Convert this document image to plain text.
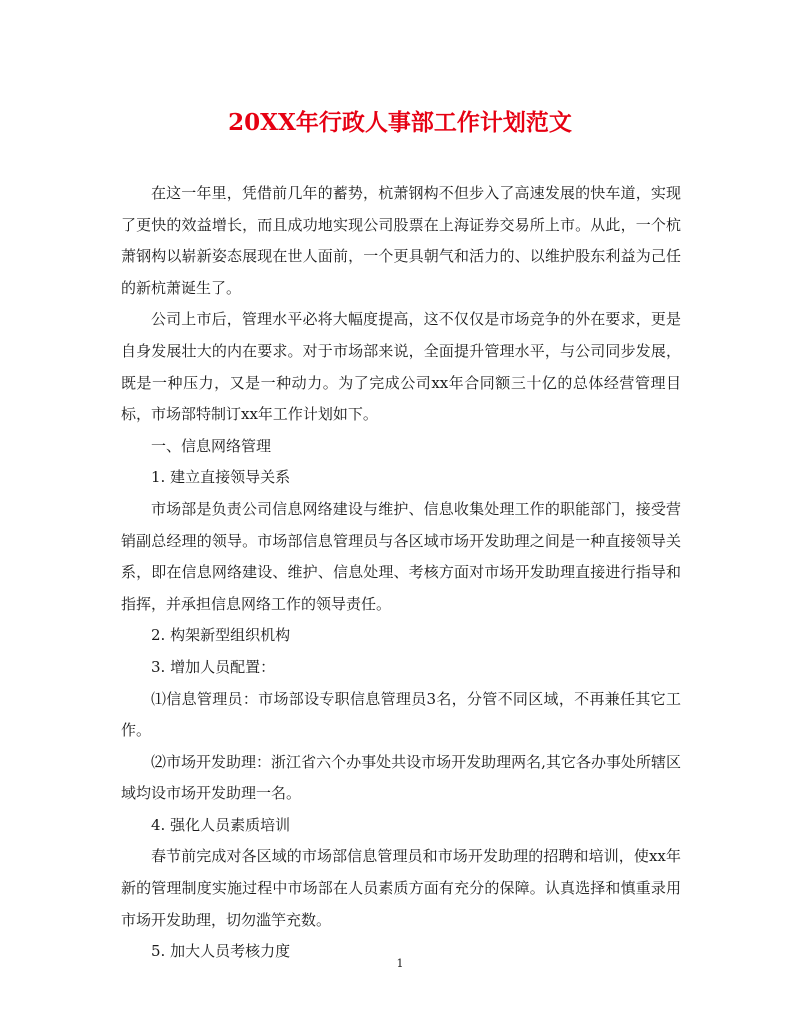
20XX年行政人事部工作计划范文

在这一年里，凭借前几年的蓄势，杭萧钢构不但步入了高速发展的快车道，实现了更快的效益增长，而且成功地实现公司股票在上海证券交易所上市。从此，一个杭萧钢构以崭新姿态展现在世人面前，一个更具朝气和活力的、以维护股东利益为己任的新杭萧诞生了。

公司上市后，管理水平必将大幅度提高，这不仅仅是市场竞争的外在要求，更是自身发展壮大的内在要求。对于市场部来说，全面提升管理水平，与公司同步发展，既是一种压力，又是一种动力。为了完成公司xx年合同额三十亿的总体经营管理目标，市场部特制订xx年工作计划如下。

一、信息网络管理

1. 建立直接领导关系

市场部是负责公司信息网络建设与维护、信息收集处理工作的职能部门，接受营销副总经理的领导。市场部信息管理员与各区域市场开发助理之间是一种直接领导关系，即在信息网络建设、维护、信息处理、考核方面对市场开发助理直接进行指导和指挥，并承担信息网络工作的领导责任。

2. 构架新型组织机构

3. 增加人员配置：

⑴信息管理员：市场部设专职信息管理员3名，分管不同区域，不再兼任其它工作。

⑵市场开发助理：浙江省六个办事处共设市场开发助理两名,其它各办事处所辖区域均设市场开发助理一名。

4. 强化人员素质培训

春节前完成对各区域的市场部信息管理员和市场开发助理的招聘和培训，使xx年新的管理制度实施过程中市场部在人员素质方面有充分的保障。认真选择和慎重录用市场开发助理，切勿滥竽充数。

5. 加大人员考核力度

1
